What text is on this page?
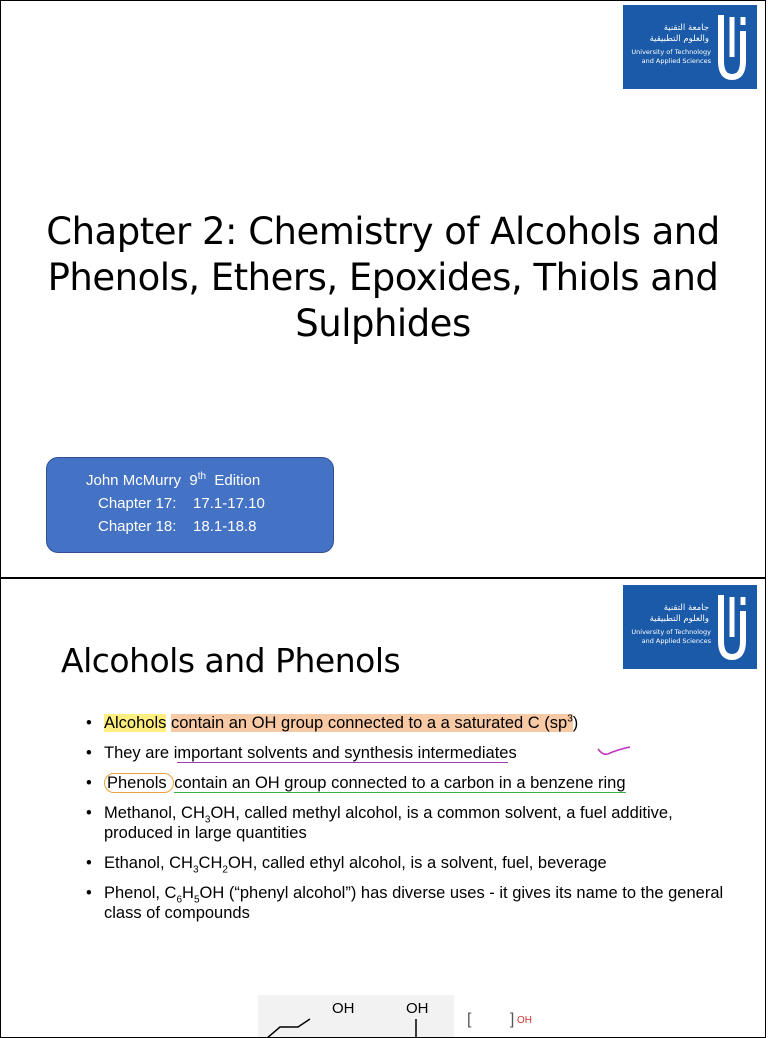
جامعة التقنية
والعلوم التطبيقية
University of Technology
and Applied Sciences
Chapter 2: Chemistry of Alcohols and Phenols, Ethers, Epoxides, Thiols and Sulphides
John McMurry  9th  Edition
Chapter 17:    17.1-17.10
Chapter 18:    18.1-18.8
جامعة التقنية
والعلوم التطبيقية
University of Technology
and Applied Sciences
Alcohols and Phenols
• Alcohols contain an OH group connected to a a saturated C $(sp^3)$
• They are important solvents and synthesis intermediates
• Phenols contain an OH group connected to a carbon in a benzene ring
• Methanol, $CH_3OH$, called methyl alcohol, is a common solvent, a fuel additive, produced in large quantities
• Ethanol, $CH_3CH_2OH$, called ethyl alcohol, is a solvent, fuel, beverage
• Phenol, $C_6H_5OH$ (“phenyl alcohol”) has diverse uses - it gives its name to the general class of compounds
OH	OH
[            ] OH
